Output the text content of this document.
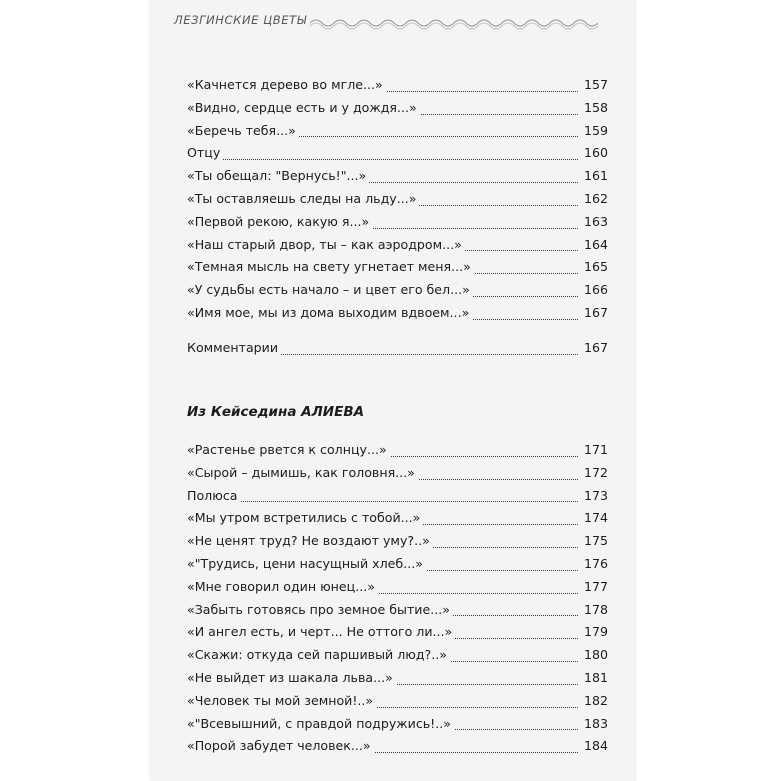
ЛЕЗГИНСКИЕ ЦВЕТЫ
«Качнется дерево во мгле...»	157
«Видно, сердце есть и у дождя...»	158
«Беречь тебя...»	159
Отцу	160
«Ты обещал: "Вернусь!"...»	161
«Ты оставляешь следы на льду...»	162
«Первой рекою, какую я...»	163
«Наш старый двор, ты – как аэродром...»	164
«Темная мысль на свету угнетает меня...»	165
«У судьбы есть начало – и цвет его бел...»	166
«Имя мое, мы из дома выходим вдвоем...»	167
Комментарии	167
Из Кейседина АЛИЕВА
«Растенье рвется к солнцу...»	171
«Сырой – дымишь, как головня...»	172
Полюса	173
«Мы утром встретились с тобой...»	174
«Не ценят труд? Не воздают уму?..»	175
«"Трудись, цени насущный хлеб...»	176
«Мне говорил один юнец...»	177
«Забыть готовясь про земное бытие...»	178
«И ангел есть, и черт... Не оттого ли...»	179
«Скажи: откуда сей паршивый люд?..»	180
«Не выйдет из шакала льва...»	181
«Человек ты мой земной!..»	182
«"Всевышний, с правдой подружись!..»	183
«Порой забудет человек...»	184
